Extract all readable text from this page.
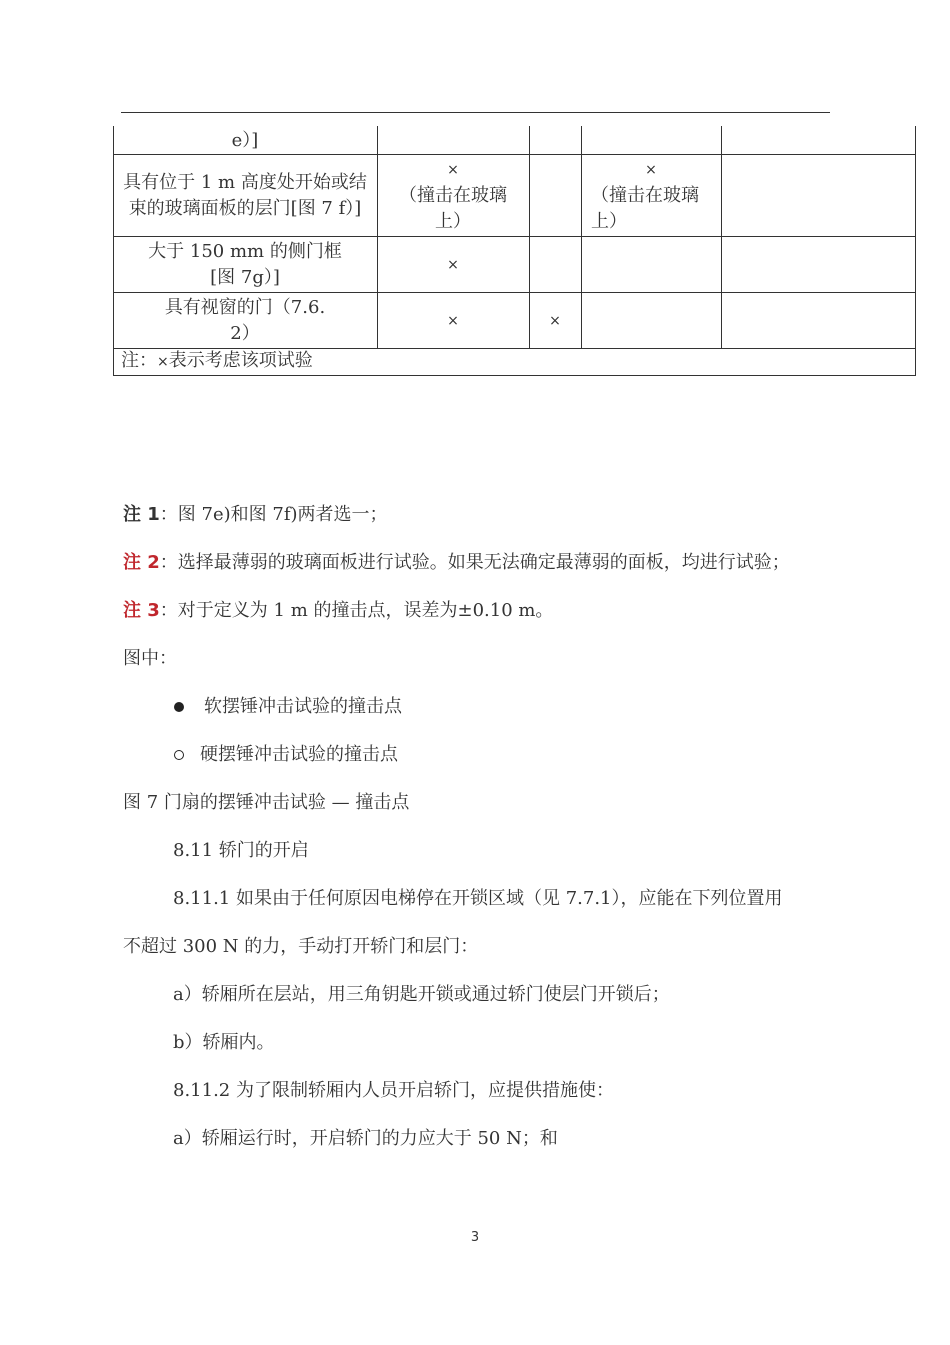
e）]
具有位于 1 m 高度处开始或结束的玻璃面板的层门[图 7 f）]
×
（撞击在玻璃上）
×
（撞击在玻璃上）
大于 150 mm 的侧门框[图 7g）]
×
具有视窗的门（7.6. 2）
×	×
注：×表示考虑该项试验
注 1：图 7e)和图 7f)两者选一；
注 2：选择最薄弱的玻璃面板进行试验。如果无法确定最薄弱的面板，均进行试验；
注 3：对于定义为 1 m 的撞击点，误差为±0.10 m。
图中：
软摆锤冲击试验的撞击点
硬摆锤冲击试验的撞击点
图 7 门扇的摆锤冲击试验 — 撞击点
8.11 轿门的开启
8.11.1 如果由于任何原因电梯停在开锁区域（见 7.7.1），应能在下列位置用
不超过 300 N 的力，手动打开轿门和层门：
a）轿厢所在层站，用三角钥匙开锁或通过轿门使层门开锁后；
b）轿厢内。
8.11.2 为了限制轿厢内人员开启轿门，应提供措施使：
a）轿厢运行时，开启轿门的力应大于 50 N；和
3
